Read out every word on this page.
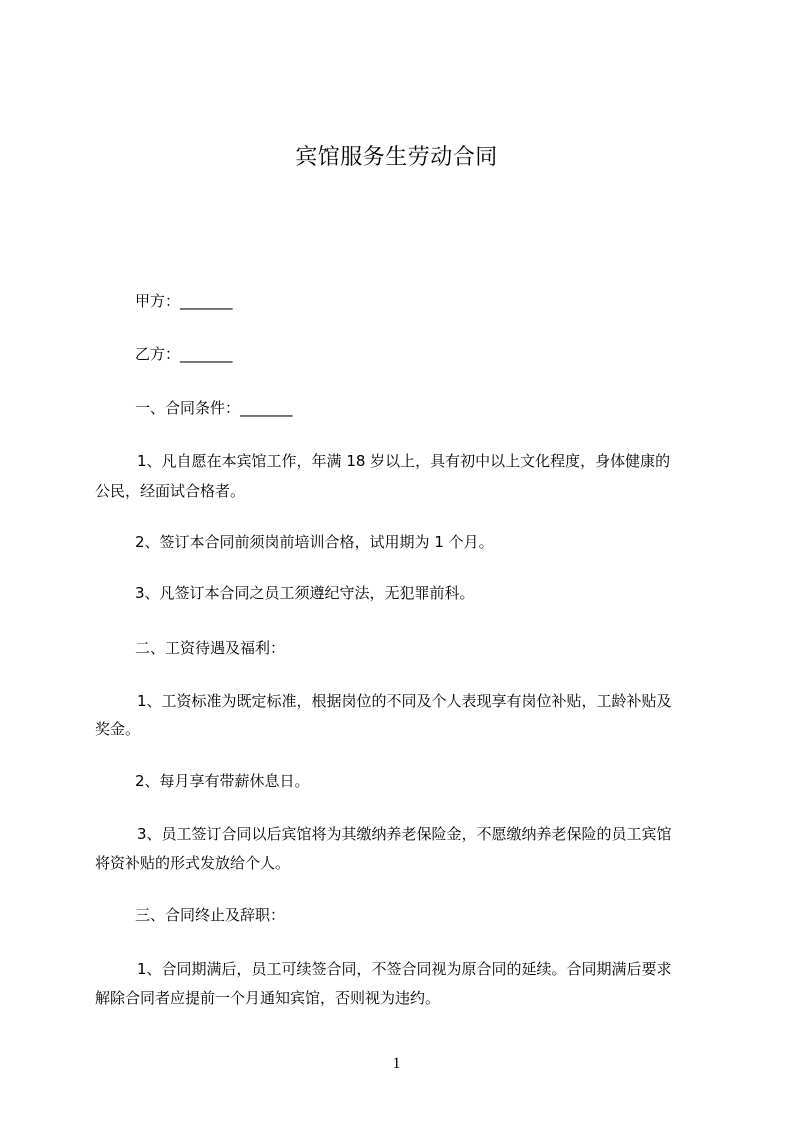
宾馆服务生劳动合同
甲方：_______
乙方：_______
一、合同条件：_______
1、凡自愿在本宾馆工作，年满 18 岁以上，具有初中以上文化程度，身体健康的
公民，经面试合格者。
2、签订本合同前须岗前培训合格，试用期为 1 个月。
3、凡签订本合同之员工须遵纪守法，无犯罪前科。
二、工资待遇及福利：
1、工资标准为既定标准，根据岗位的不同及个人表现享有岗位补贴，工龄补贴及
奖金。
2、每月享有带薪休息日。
3、员工签订合同以后宾馆将为其缴纳养老保险金，不愿缴纳养老保险的员工宾馆
将资补贴的形式发放给个人。
三、合同终止及辞职：
1、合同期满后，员工可续签合同，不签合同视为原合同的延续。合同期满后要求
解除合同者应提前一个月通知宾馆，否则视为违约。
1
